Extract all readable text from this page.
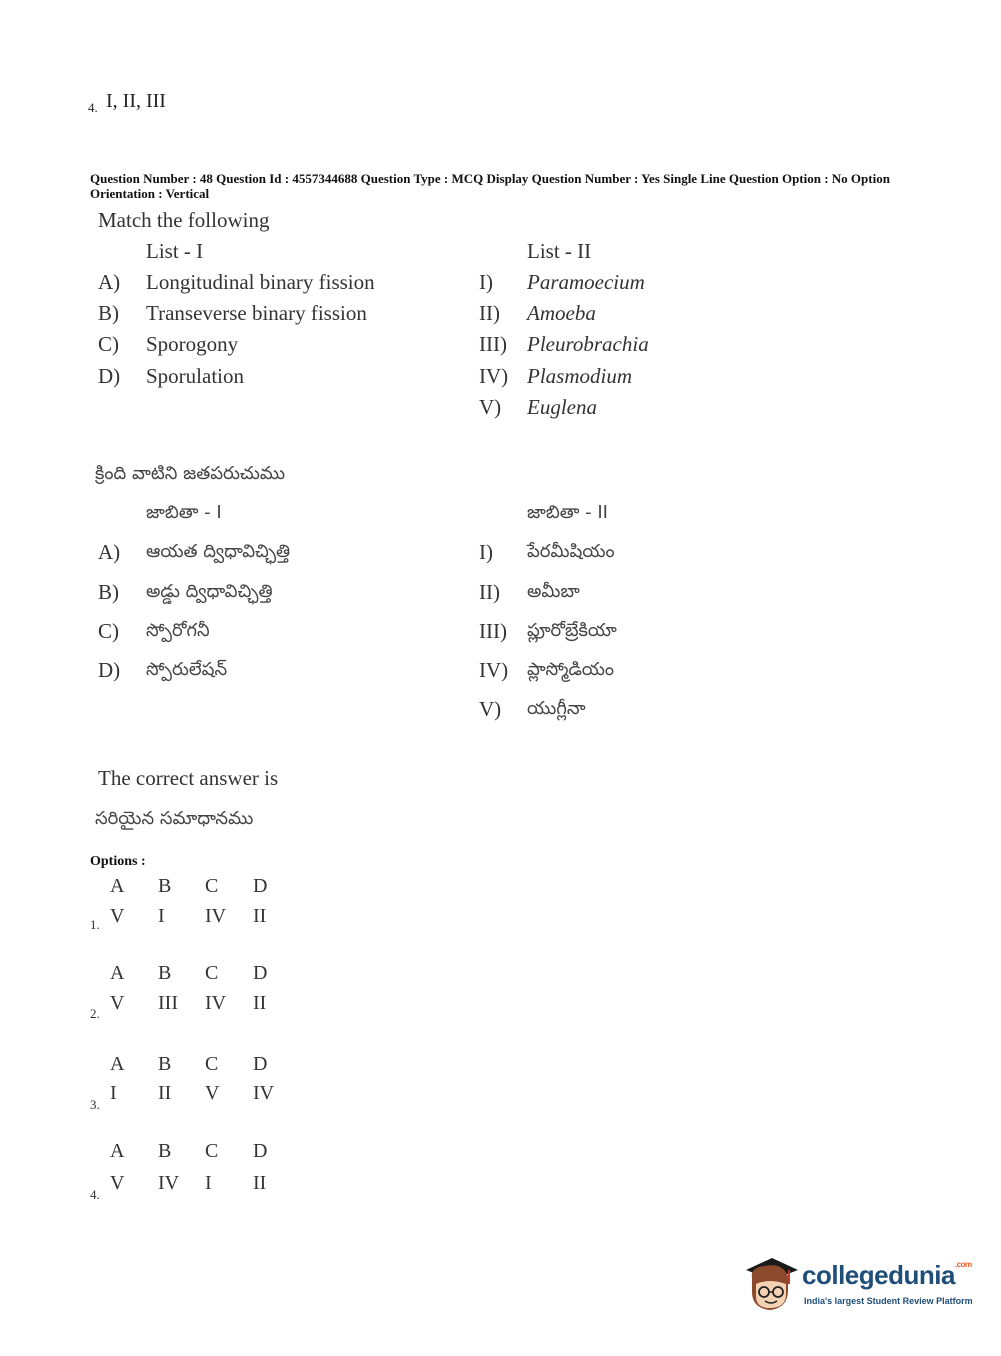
4. I, II, III
Question Number : 48 Question Id : 4557344688 Question Type : MCQ Display Question Number : Yes Single Line Question Option : No Option Orientation : Vertical
Match the following
List - I	List - II
A) Longitudinal binary fission
B) Transeverse binary fission
C) Sporogony
D) Sporulation
I) Paramoecium
II) Amoeba
III) Pleurobrachia
IV) Plasmodium
V) Euglena
క్రింది వాటిని జతపరుచుము
జాబితా - I	జాబితా - II
A) ఆయత ద్విధావిచ్ఛిత్తి
B) అడ్డు ద్విధావిచ్ఛిత్తి
C) స్పోరోగనీ
D) స్పోరులేషన్
I) పేరమీషియం
II) అమీబా
III) ప్లూరోబ్రేకియా
IV) ప్లాస్మోడియం
V) యుగ్లీనా
The correct answer is
సరియైన సమాధానము
Options :
1.
A B C D
V I IV II
2.
A B C D
V III IV II
3.
A B C D
I II V IV
4.
A B C D
V IV I II
collegedunia$^{.com}$
India's largest Student Review Platform
